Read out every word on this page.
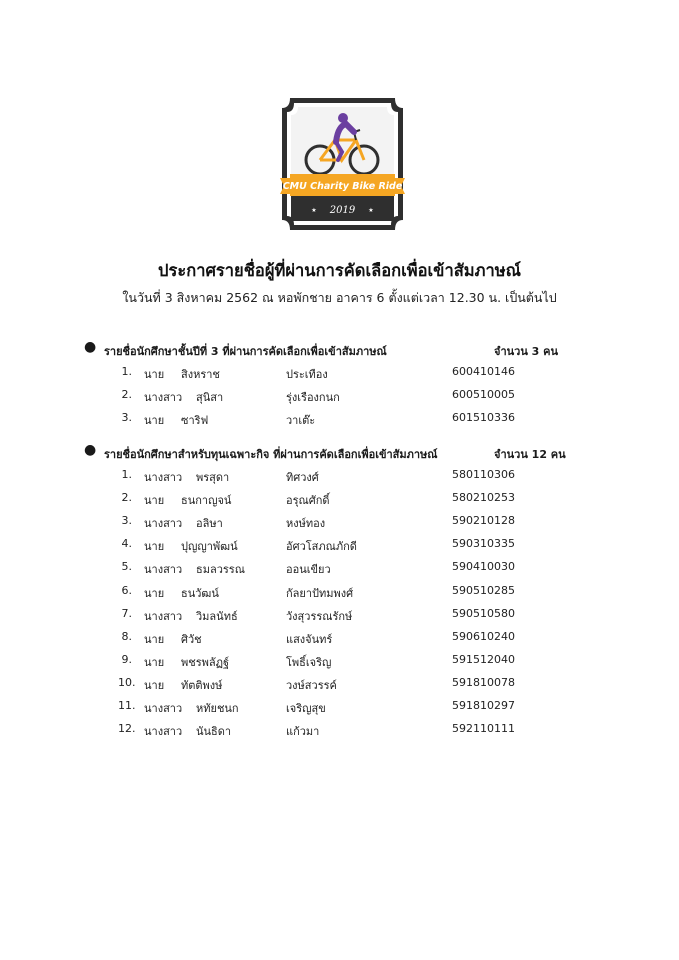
CMU Charity Bike Ride
2019
★	★
ประกาศรายชื่อผู้ที่ผ่านการคัดเลือกเพื่อเข้าสัมภาษณ์
ในวันที่ 3 สิงหาคม 2562 ณ หอพักชาย อาคาร 6 ตั้งแต่เวลา 12.30 น. เป็นต้นไป
● รายชื่อนักศึกษาชั้นปีที่ 3 ที่ผ่านการคัดเลือกเพื่อเข้าสัมภาษณ์	จำนวน 3 คน
1. นาย สิงหราช	ประเทือง	600410146
2. นางสาว สุนิสา	รุ่งเรืองกนก	600510005
3. นาย ซาริฟ	วาเต๊ะ	601510336
● รายชื่อนักศึกษาสำหรับทุนเฉพาะกิจ ที่ผ่านการคัดเลือกเพื่อเข้าสัมภาษณ์	จำนวน 12 คน
1. นางสาว พรสุดา	ทิศวงศ์	580110306
2. นาย ธนกาญจน์	อรุณศักดิ์	580210253
3. นางสาว อลิษา	หงษ์ทอง	590210128
4. นาย ปุญญาพัฒน์	อัศวโสภณภักดี	590310335
5. นางสาว ธมลวรรณ	ออนเขียว	590410030
6. นาย ธนวัฒน์	กัลยาปัทมพงศ์	590510285
7. นางสาว วิมลนัทธ์	วังสุวรรณรักษ์	590510580
8. นาย ศิวัช	แสงจันทร์	590610240
9. นาย พชรพลัฏฐ์	โพธิ์เจริญ	591512040
10. นาย ทัตติพงษ์	วงษ์สวรรค์	591810078
11. นางสาว หทัยชนก	เจริญสุข	591810297
12. นางสาว นันธิดา	แก้วมา	592110111
